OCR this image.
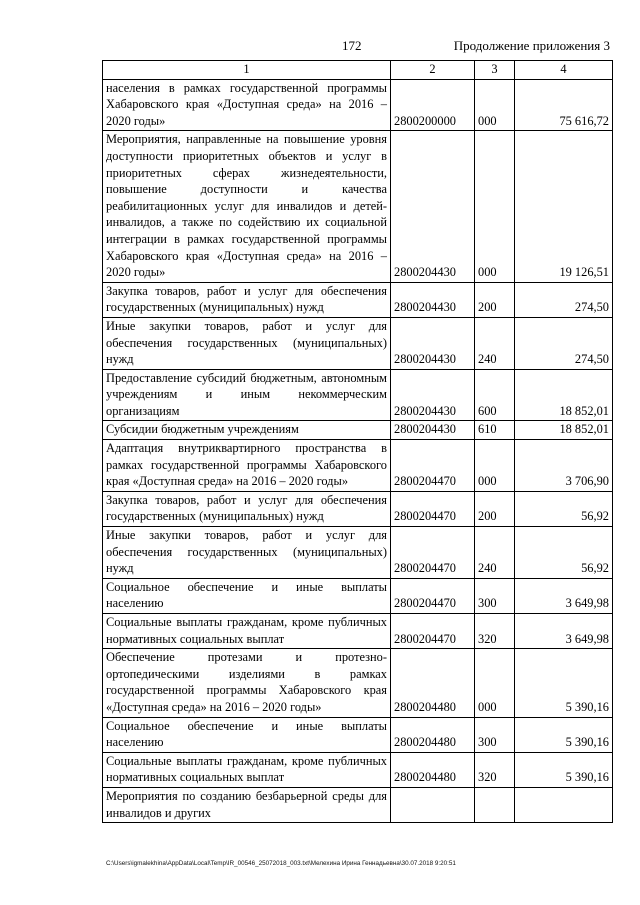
172	Продолжение приложения 3
1	2	3	4
населения в рамках государственной программы Хабаровского края «Доступная среда» на 2016 – 2020 годы»	2800200000	000	75 616,72
Мероприятия, направленные на повышение уровня доступности приоритетных объектов и услуг в приоритетных сферах жизнедеятельности, повышение доступности и качества реабилитационных услуг для инвалидов и детей-инвалидов, а также по содействию их социальной интеграции в рамках государственной программы Хабаровского края «Доступная среда» на 2016 – 2020 годы»	2800204430	000	19 126,51
Закупка товаров, работ и услуг для обеспечения государственных (муниципальных) нужд	2800204430	200	274,50
Иные закупки товаров, работ и услуг для обеспечения государственных (муниципальных) нужд	2800204430	240	274,50
Предоставление субсидий бюджетным, автономным учреждениям и иным некоммерческим организациям	2800204430	600	18 852,01
Субсидии бюджетным учреждениям	2800204430	610	18 852,01
Адаптация внутриквартирного пространства в рамках государственной программы Хабаровского края «Доступная среда» на 2016 – 2020 годы»	2800204470	000	3 706,90
Закупка товаров, работ и услуг для обеспечения государственных (муниципальных) нужд	2800204470	200	56,92
Иные закупки товаров, работ и услуг для обеспечения государственных (муниципальных) нужд	2800204470	240	56,92
Социальное обеспечение и иные выплаты населению	2800204470	300	3 649,98
Социальные выплаты гражданам, кроме публичных нормативных социальных выплат	2800204470	320	3 649,98
Обеспечение протезами и протезно-ортопедическими изделиями в рамках государственной программы Хабаровского края «Доступная среда» на 2016 – 2020 годы»	2800204480	000	5 390,16
Социальное обеспечение и иные выплаты населению	2800204480	300	5 390,16
Социальные выплаты гражданам, кроме публичных нормативных социальных выплат	2800204480	320	5 390,16
Мероприятия по созданию безбарьерной среды для инвалидов и других			
C:\Users\igmalekhina\AppData\Local\Temp\IR_00546_25072018_003.txt\Мелехина Ирина Геннадьевна\30.07.2018 9:20:51
